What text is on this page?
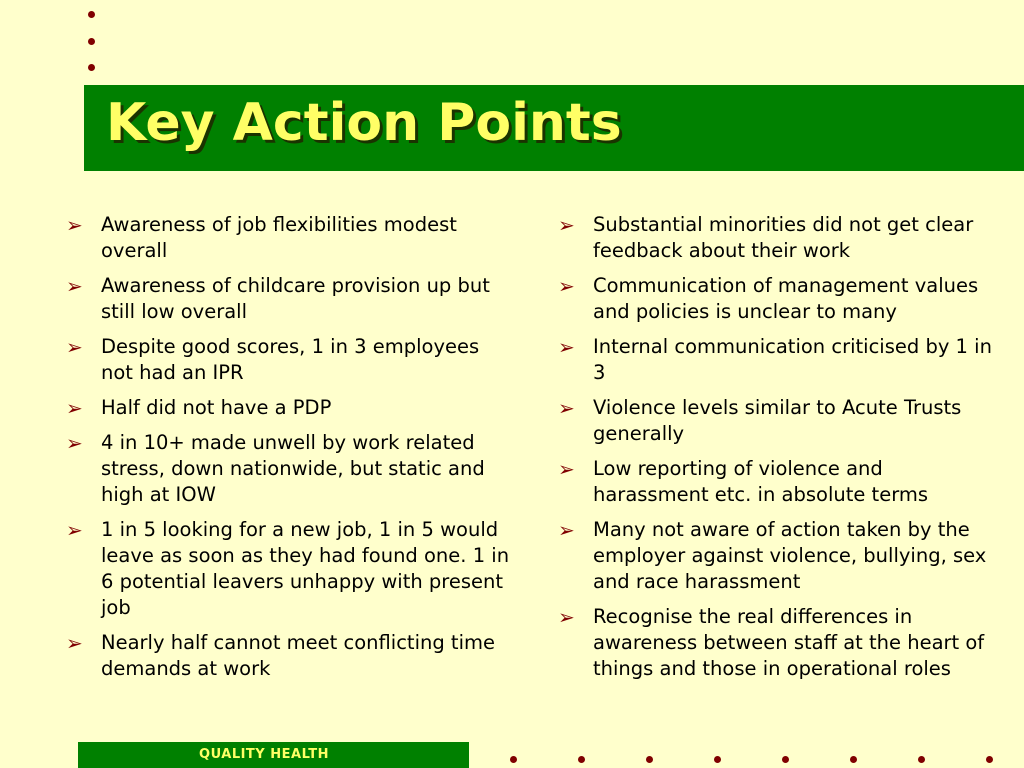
Key Action Points
➢ Awareness of job flexibilities modest overall
➢ Awareness of childcare provision up but still low overall
➢ Despite good scores, 1 in 3 employees not had an IPR
➢ Half did not have a PDP
➢ 4 in 10+ made unwell by work related stress, down nationwide, but static and high at IOW
➢ 1 in 5 looking for a new job, 1 in 5 would leave as soon as they had found one. 1 in 6 potential leavers unhappy with present job
➢ Nearly half cannot meet conflicting time demands at work
➢ Substantial minorities did not get clear feedback about their work
➢ Communication of management values and policies is unclear to many
➢ Internal communication criticised by 1 in 3
➢ Violence levels similar to Acute Trusts generally
➢ Low reporting of violence and harassment etc. in absolute terms
➢ Many not aware of action taken by the employer against violence, bullying, sex and race harassment
➢ Recognise the real differences in awareness between staff at the heart of things and those in operational roles
QUALITY HEALTH
